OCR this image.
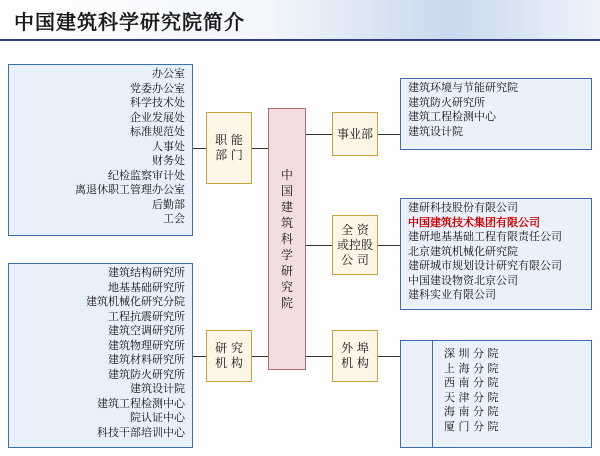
中国建筑科学研究院简介
办公室
党委办公室
科学技术处
企业发展处
标准规范处
人事处
财务处
纪检监察审计处
离退休职工管理办公室
后勤部
工会
职 能
部 门
建筑结构研究所
地基基础研究所
建筑机械化研究分院
工程抗震研究所
建筑空调研究所
建筑物理研究所
建筑材料研究所
建筑防火研究所
建筑设计院
建筑工程检测中心
院认证中心
科技干部培训中心
研 究
机 构
中
国
建
筑
科
学
研
究
院
事业部
建筑环境与节能研究院
建筑防火研究所
建筑工程检测中心
建筑设计院
全 资
或控股
公 司
建研科技股份有限公司
中国建筑技术集团有限公司
建研地基基础工程有限责任公司
北京建筑机械化研究院
建研城市规划设计研究有限公司
中国建设物资北京公司
建科实业有限公司
外 埠
机 构
深 圳 分 院
上 海 分 院
西 南 分 院
天 津 分 院
海 南 分 院
厦 门 分 院
